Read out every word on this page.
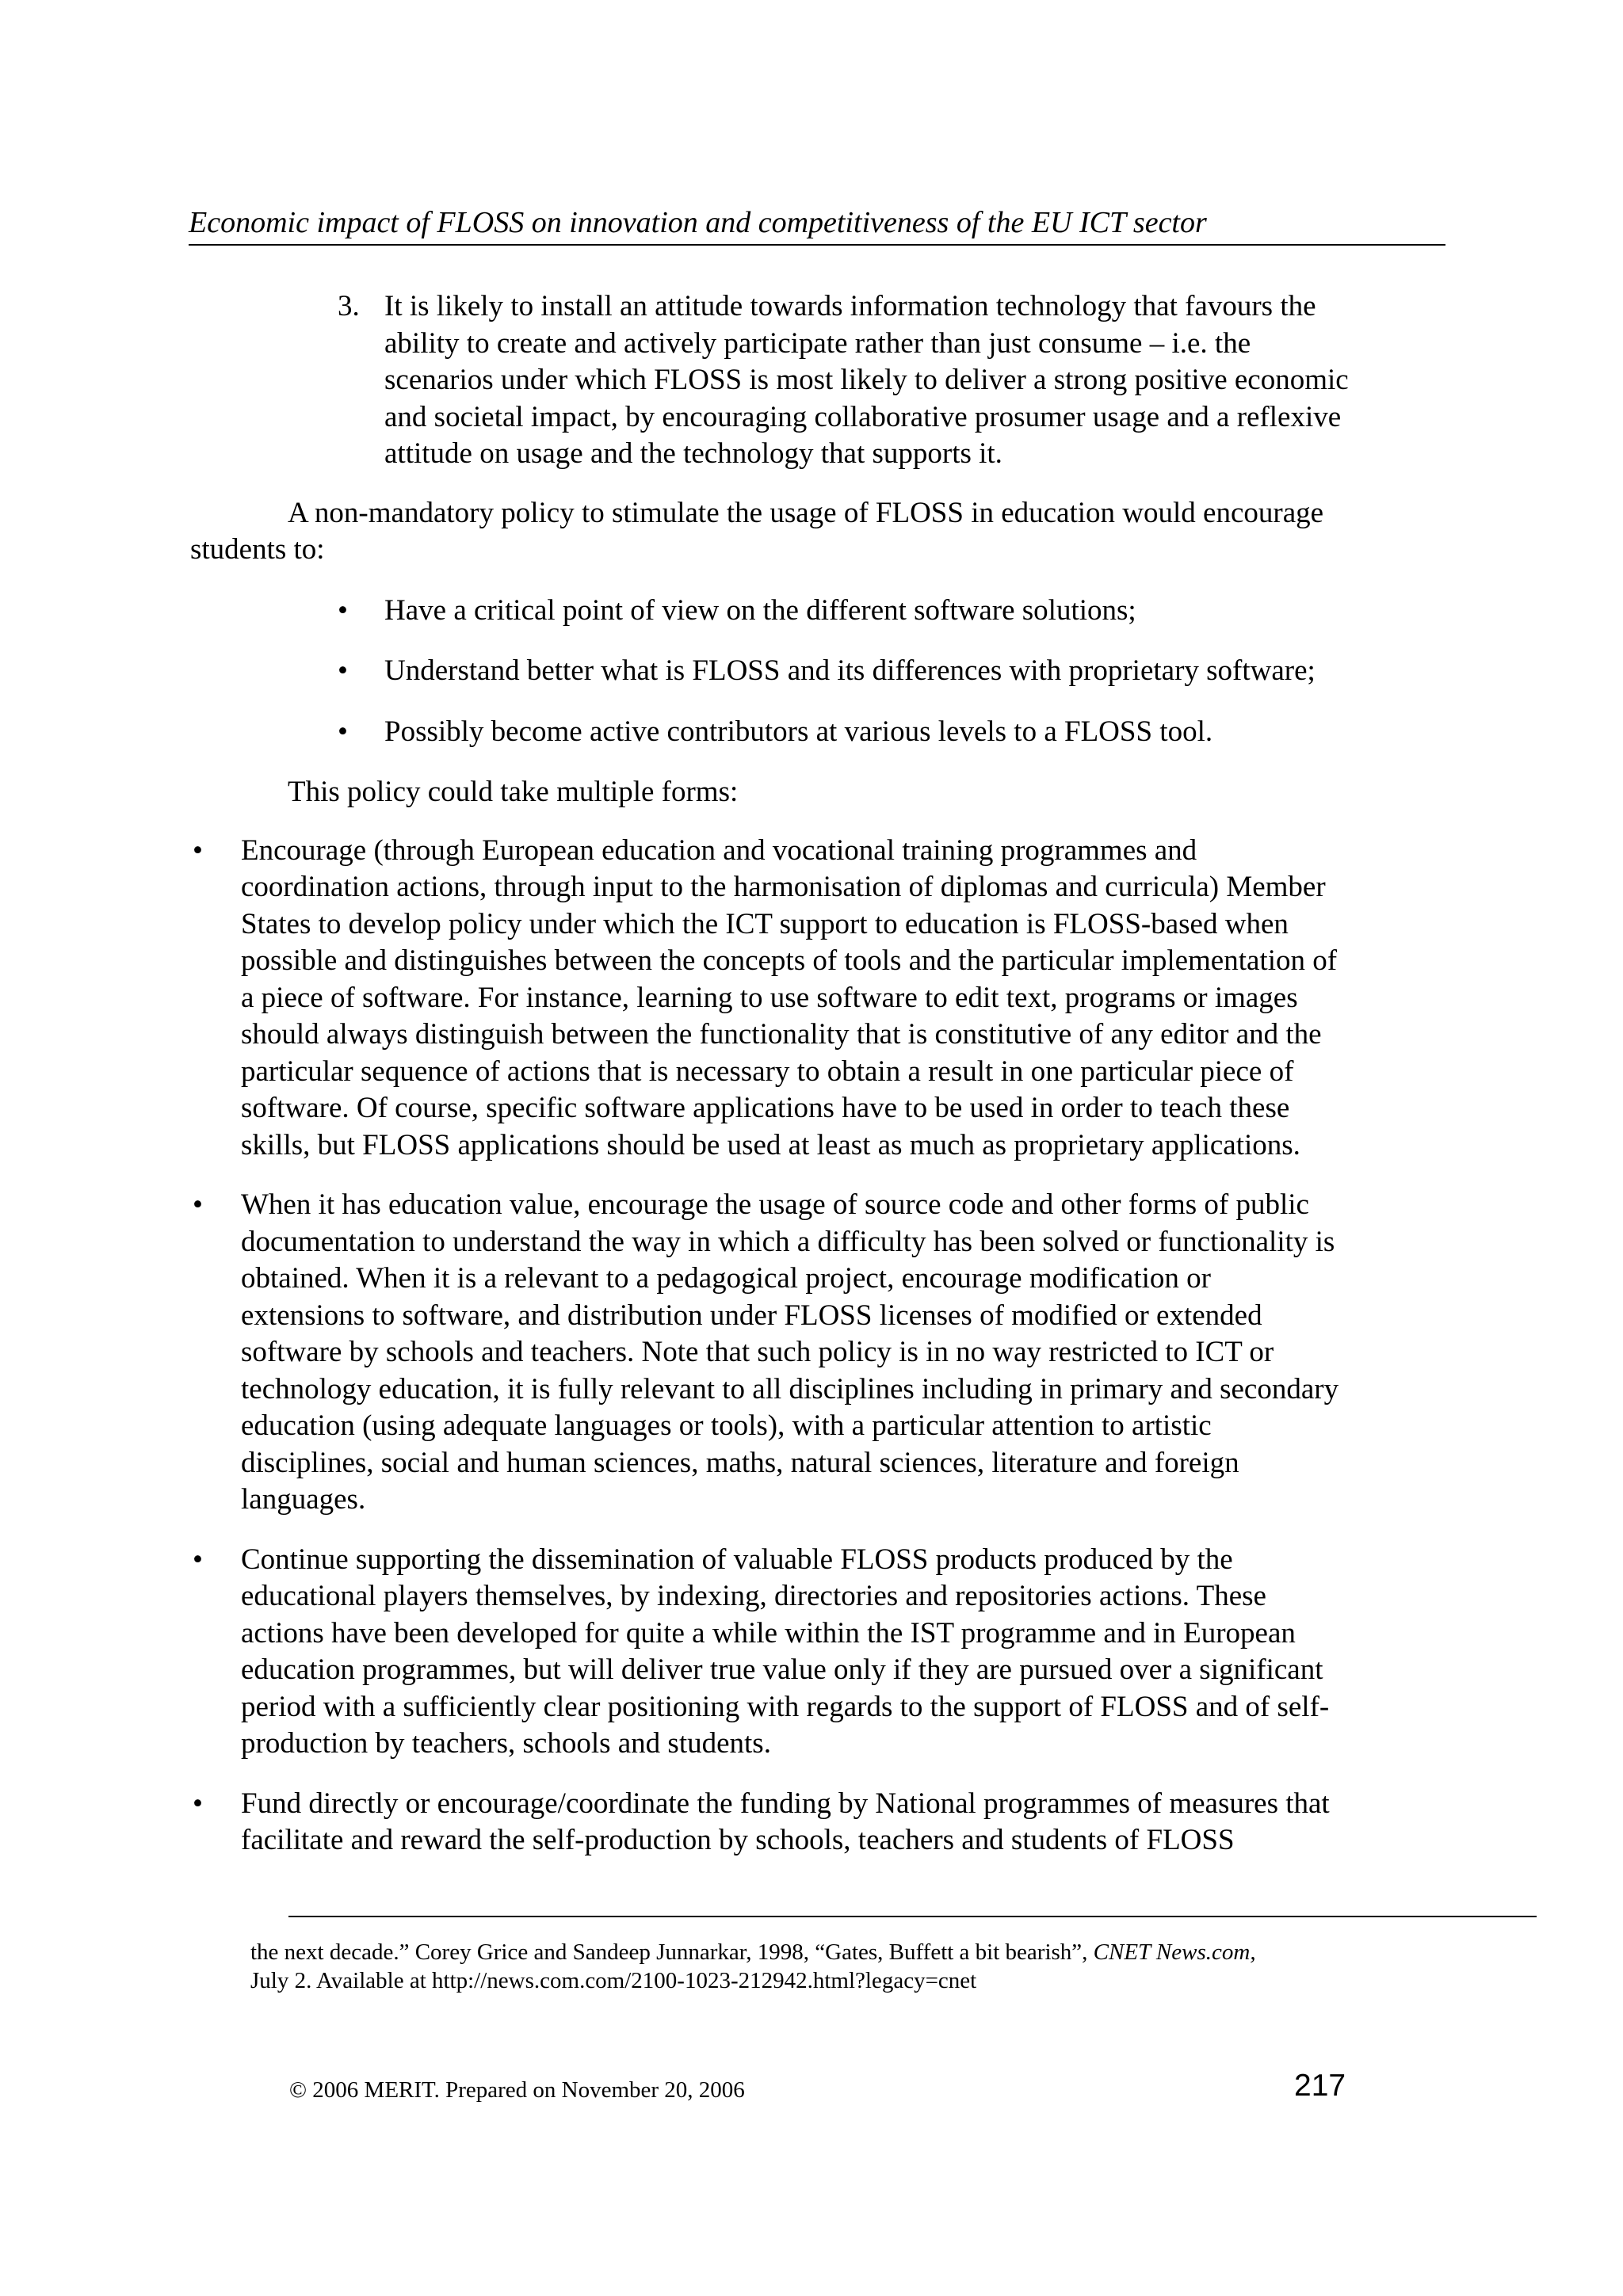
Economic impact of FLOSS on innovation and competitiveness of the EU ICT sector
3. It is likely to install an attitude towards information technology that favours the
ability to create and actively participate rather than just consume – i.e. the
scenarios under which FLOSS is most likely to deliver a strong positive economic
and societal impact, by encouraging collaborative prosumer usage and a reflexive
attitude on usage and the technology that supports it.

A non-mandatory policy to stimulate the usage of FLOSS in education would encourage
students to:

• Have a critical point of view on the different software solutions;
• Understand better what is FLOSS and its differences with proprietary software;
• Possibly become active contributors at various levels to a FLOSS tool.

This policy could take multiple forms:

• Encourage (through European education and vocational training programmes and
coordination actions, through input to the harmonisation of diplomas and curricula) Member
States to develop policy under which the ICT support to education is FLOSS-based when
possible and distinguishes between the concepts of tools and the particular implementation of
a piece of software. For instance, learning to use software to edit text, programs or images
should always distinguish between the functionality that is constitutive of any editor and the
particular sequence of actions that is necessary to obtain a result in one particular piece of
software. Of course, specific software applications have to be used in order to teach these
skills, but FLOSS applications should be used at least as much as proprietary applications.
• When it has education value, encourage the usage of source code and other forms of public
documentation to understand the way in which a difficulty has been solved or functionality is
obtained. When it is a relevant to a pedagogical project, encourage modification or
extensions to software, and distribution under FLOSS licenses of modified or extended
software by schools and teachers. Note that such policy is in no way restricted to ICT or
technology education, it is fully relevant to all disciplines including in primary and secondary
education (using adequate languages or tools), with a particular attention to artistic
disciplines, social and human sciences, maths, natural sciences, literature and foreign
languages.
• Continue supporting the dissemination of valuable FLOSS products produced by the
educational players themselves, by indexing, directories and repositories actions. These
actions have been developed for quite a while within the IST programme and in European
education programmes, but will deliver true value only if they are pursued over a significant
period with a sufficiently clear positioning with regards to the support of FLOSS and of self-
production by teachers, schools and students.
• Fund directly or encourage/coordinate the funding by National programmes of measures that
facilitate and reward the self-production by schools, teachers and students of FLOSS
the next decade.” Corey Grice and Sandeep Junnarkar, 1998, “Gates, Buffett a bit bearish”, CNET News.com,
July 2. Available at http://news.com.com/2100-1023-212942.html?legacy=cnet
© 2006 MERIT. Prepared on November 20, 2006	217
